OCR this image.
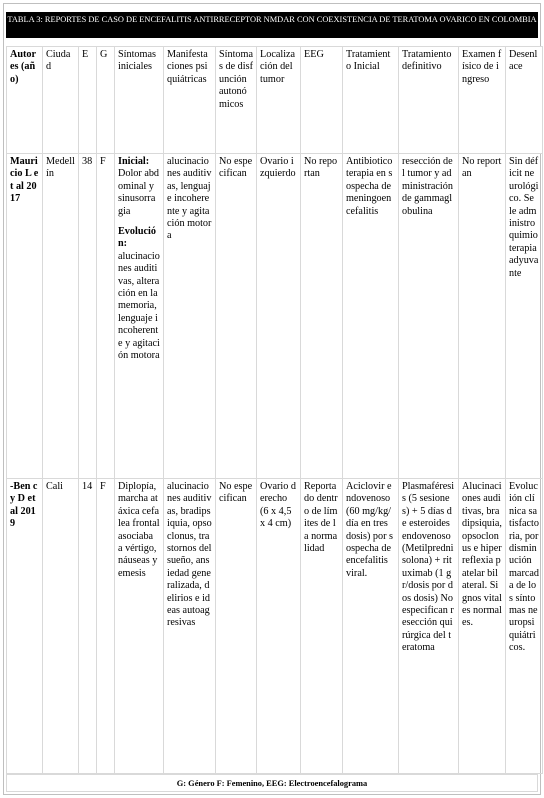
TABLA 3: REPORTES DE CASO DE ENCEFALITIS ANTIRRECEPTOR NMDAR CON COEXISTENCIA DE TERATOMA OVARICO EN COLOMBIA
Autores (año)	Ciudad	E	G	Síntomas iniciales	Manifestaciones psiquiátricas	Síntomas de disfunción autonómicos	Localización del tumor	EEG	Tratamiento Inicial	Tratamiento definitivo	Examen físico de ingreso	Desenlace
Mauricio L et al 2017	Medellín	38	F	Inicial:
Dolor abdominal y sinusorragia
Evolución:
alucinaciones auditivas, alteración en la memoria, lenguaje incoherente y agitación motora	alucinaciones auditivas, lenguaje incoherente y agitación motora	No especifican	Ovario izquierdo	No reportan	Antibioticoterapia en sospecha de meningoencefalitis	resección del tumor y administración de gammaglobulina	No reportan	Sin déficit neurológico. Se le administro quimioterapia adyuvante
-Ben cy D et al 2019	Cali	14	F	Diplopía, marcha atáxica cefalea frontal asociaba a vértigo, náuseas y emesis	alucinaciones auditivas, bradipsiquia, opsoclonus, trastornos del sueño, ansiedad generalizada, delirios e ideas autoagresivas	No especifican	Ovario derecho (6 x 4,5 x 4 cm)	Reportado dentro de límites de la normalidad	Aciclovir endovenoso (60 mg/kg/día en tres dosis) por sospecha de encefalitis viral.	Plasmaféresis (5 sesiones) + 5 días de esteroides endovenoso (Metilprednisolona) + rituximab (1 gr/dosis por dos dosis) No especifican resección quirúrgica del teratoma	Alucinaciones auditivas, bradipsiquia, opsoclonus e hiperreflexia patelar bilateral. Signos vitales normales.	Evolución clínica satisfactoria, por disminución marcada de los síntomas neuropsiquiátricos.
G: Género F: Femenino, EEG: Electroencefalograma
